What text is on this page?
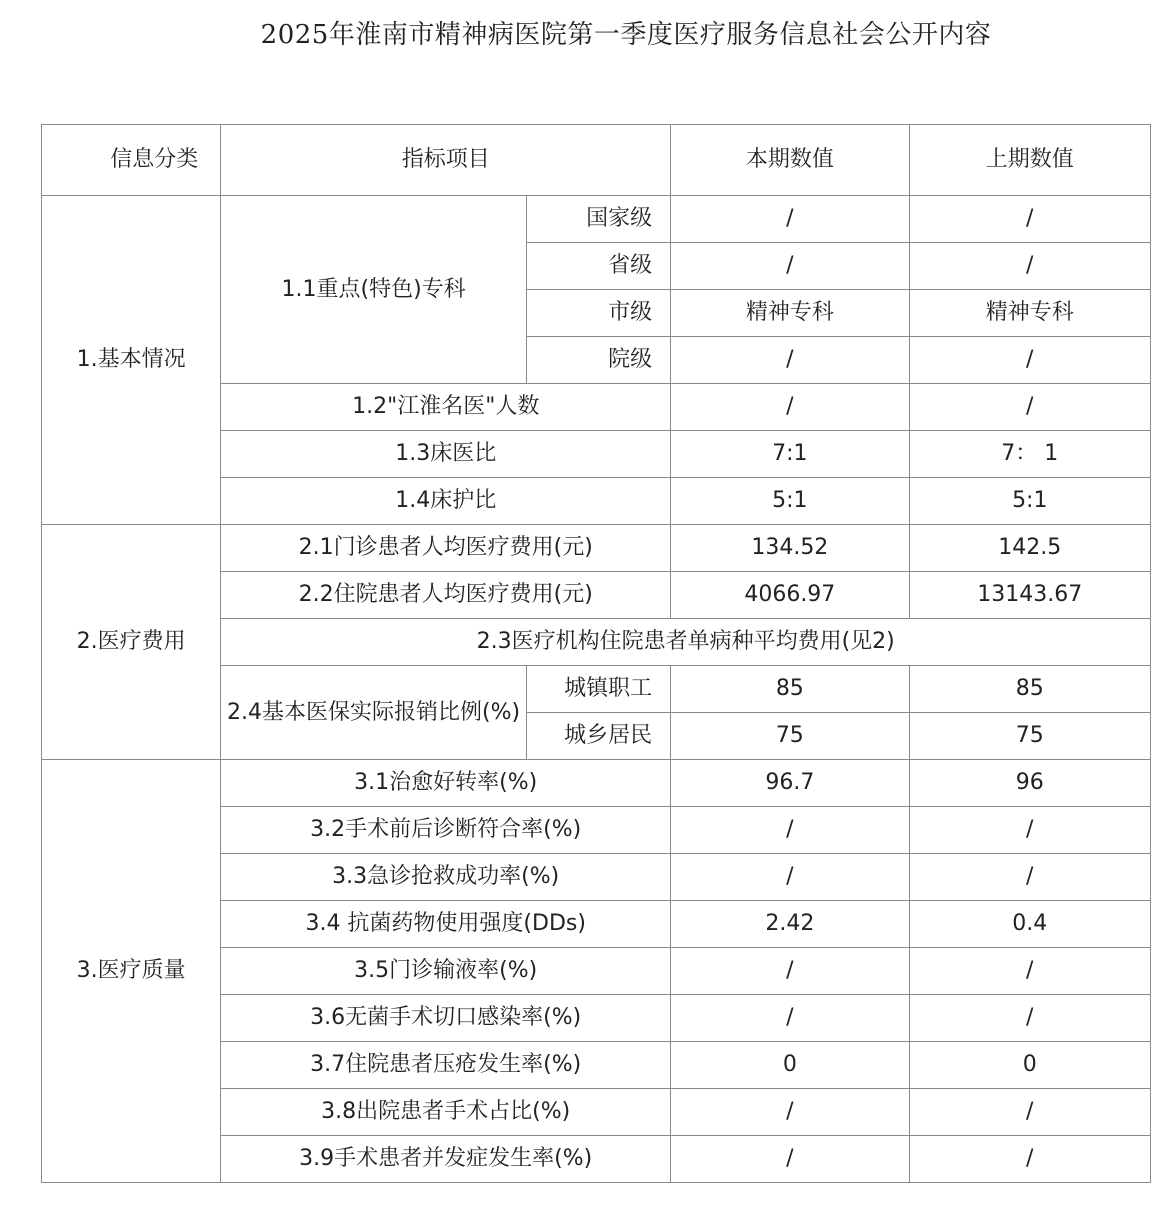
2025年淮南市精神病医院第一季度医疗服务信息社会公开内容
信息分类	指标项目		本期数值	上期数值
1.基本情况	1.1重点(特色)专科	国家级	/	/
		省级	/	/
		市级	精神专科	精神专科
		院级	/	/
	1.2"江淮名医"人数		/	/
	1.3床医比		7:1	7： 1
	1.4床护比		5:1	5:1
2.医疗费用	2.1门诊患者人均医疗费用(元)		134.52	142.5
	2.2住院患者人均医疗费用(元)		4066.97	13143.67
	2.3医疗机构住院患者单病种平均费用(见2)			
	2.4基本医保实际报销比例(%)	城镇职工	85	85
		城乡居民	75	75
3.医疗质量	3.1治愈好转率(%)		96.7	96
	3.2手术前后诊断符合率(%)		/	/
	3.3急诊抢救成功率(%)		/	/
	3.4 抗菌药物使用强度(DDs)		2.42	0.4
	3.5门诊输液率(%)		/	/
	3.6无菌手术切口感染率(%)		/	/
	3.7住院患者压疮发生率(%)		0	0
	3.8出院患者手术占比(%)		/	/
	3.9手术患者并发症发生率(%)		/	/
